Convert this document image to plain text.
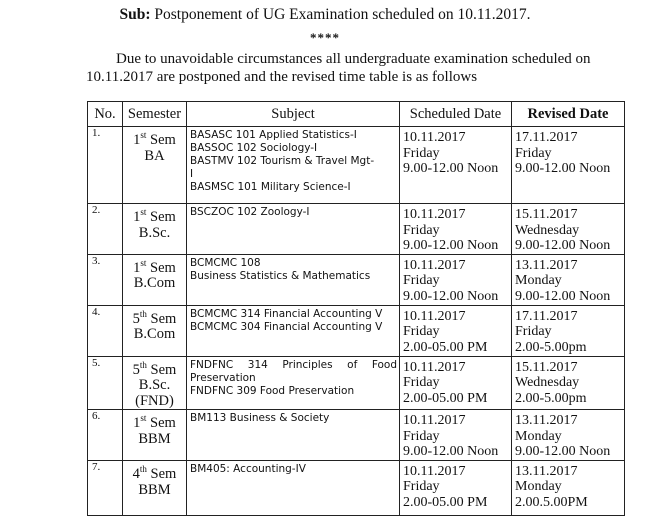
Sub: Postponement of UG Examination scheduled on 10.11.2017.
****
Due to unavoidable circumstances all undergraduate examination scheduled on
10.11.2017 are postponed and the revised time table is as follows
No.	Semester	Subject	Scheduled Date	Revised Date
1.	1st Sem
BA	BASASC 101 Applied Statistics-I
BASSOC 102 Sociology-I
BASTMV 102 Tourism & Travel Mgt-
I
BASMSC 101 Military Science-I	10.11.2017
Friday
9.00-12.00 Noon	17.11.2017
Friday
9.00-12.00 Noon

2.	1st Sem
B.Sc.	BSCZOC 102 Zoology-I	10.11.2017
Friday
9.00-12.00 Noon	15.11.2017
Wednesday
9.00-12.00 Noon

3.	1st Sem
B.Com	BCMCMC 108
Business Statistics & Mathematics	10.11.2017
Friday
9.00-12.00 Noon	13.11.2017
Monday
9.00-12.00 Noon

4.	5th Sem
B.Com	BCMCMC 314 Financial Accounting V
BCMCMC 304 Financial Accounting V	10.11.2017
Friday
2.00-05.00 PM	17.11.2017
Friday
2.00-5.00pm

5.	5th Sem
B.Sc.
(FND)	FNDFNC 314 Principles of Food
Preservation
FNDFNC 309 Food Preservation	10.11.2017
Friday
2.00-05.00 PM	15.11.2017
Wednesday
2.00-5.00pm

6.	1st Sem
BBM	BM113 Business & Society	10.11.2017
Friday
9.00-12.00 Noon	13.11.2017
Monday
9.00-12.00 Noon

7.	4th Sem
BBM	BM405: Accounting-IV	10.11.2017
Friday
2.00-05.00 PM	13.11.2017
Monday
2.00.5.00PM
